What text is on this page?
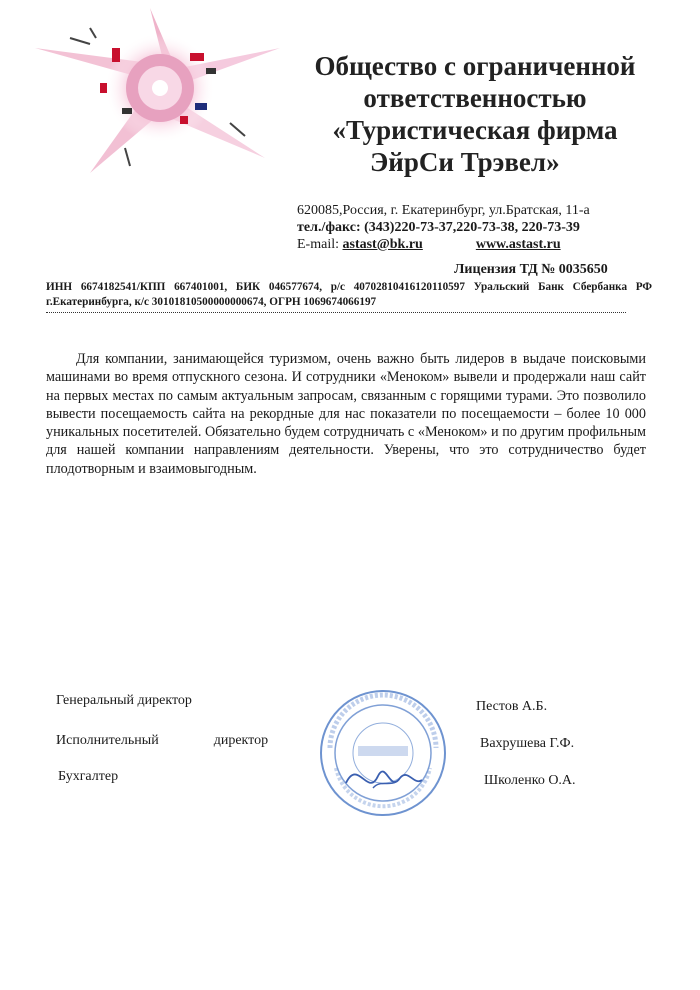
Общество с ограниченной
ответственностью
«Туристическая фирма
ЭйрСи Трэвел»
620085,Россия, г. Екатеринбург, ул.Братская, 11-а
тел./факс: (343)220-73-37,220-73-38, 220-73-39
E-mail: astast@bk.ru	www.astast.ru
Лицензия ТД № 0035650
ИНН 6674182541/КПП 667401001, БИК 046577674, р/с 40702810416120110597 Уральский Банк Сбербанка РФ г.Екатеринбурга, к/с 30101810500000000674, ОГРН 1069674066197
Для компании, занимающейся туризмом, очень важно быть лидеров в выдаче поисковыми машинами во время отпускного сезона. И сотрудники «Меноком» вывели и продержали наш сайт на первых местах по самым актуальным запросам, связанным с горящими турами. Это позволило вывести посещаемость сайта на рекордные для нас показатели по посещаемости – более 10 000 уникальных посетителей. Обязательно будем сотрудничать с «Меноком» и по другим профильным для нашей компании направлениям деятельности. Уверены, что это сотрудничество будет плодотворным и взаимовыгодным.
Генеральный директор
Исполнительный	директор
Бухгалтер
Пестов А.Б.
Вахрушева Г.Ф.
Школенко О.А.
